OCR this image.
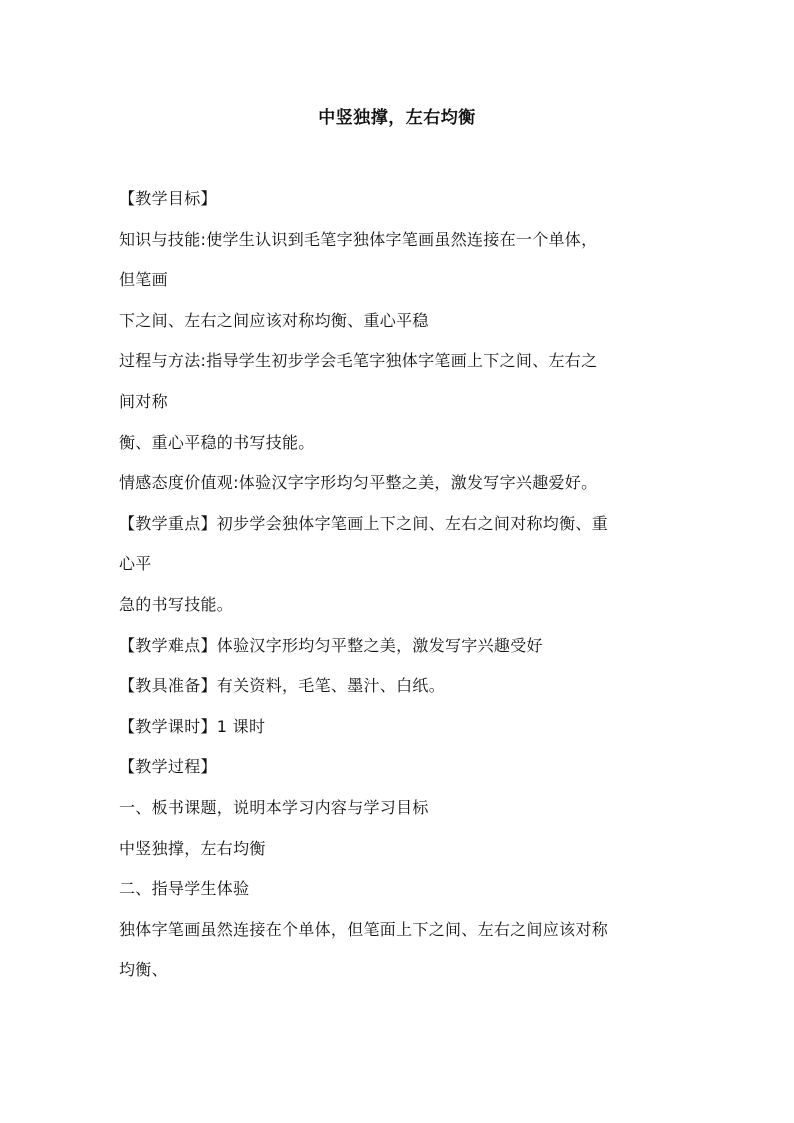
中竖独撑，左右均衡
【教学目标】
知识与技能:使学生认识到毛笔字独体字笔画虽然连接在一个单体，
但笔画
下之间、左右之间应该对称均衡、重心平稳
过程与方法:指导学生初步学会毛笔字独体字笔画上下之间、左右之
间对称
衡、重心平稳的书写技能。
情感态度价值观:体验汉字字形均匀平整之美，激发写字兴趣爱好。
【教学重点】初步学会独体字笔画上下之间、左右之间对称均衡、重
心平
急的书写技能。
【教学难点】体验汉字形均匀平整之美，激发写字兴趣受好
【教具准备】有关资料，毛笔、墨汁、白纸。
【教学课时】1 课时
【教学过程】
一、板书课题，说明本学习内容与学习目标
中竖独撑，左右均衡
二、指导学生体验
独体字笔画虽然连接在个单体，但笔面上下之间、左右之间应该对称
均衡、
